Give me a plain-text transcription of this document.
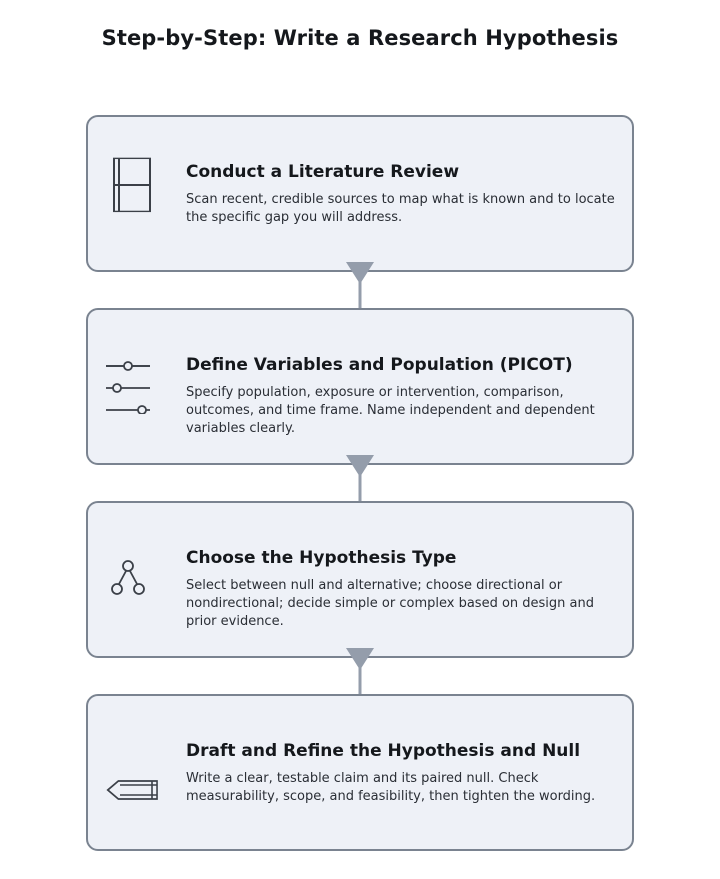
Step-by-Step: Write a Research Hypothesis
Conduct a Literature Review
Scan recent, credible sources to map what is known and to locate the specific gap you will address.
Define Variables and Population (PICOT)
Specify population, exposure or intervention, comparison, outcomes, and time frame. Name independent and dependent variables clearly.
Choose the Hypothesis Type
Select between null and alternative; choose directional or nondirectional; decide simple or complex based on design and prior evidence.
Draft and Refine the Hypothesis and Null
Write a clear, testable claim and its paired null. Check measurability, scope, and feasibility, then tighten the wording.
